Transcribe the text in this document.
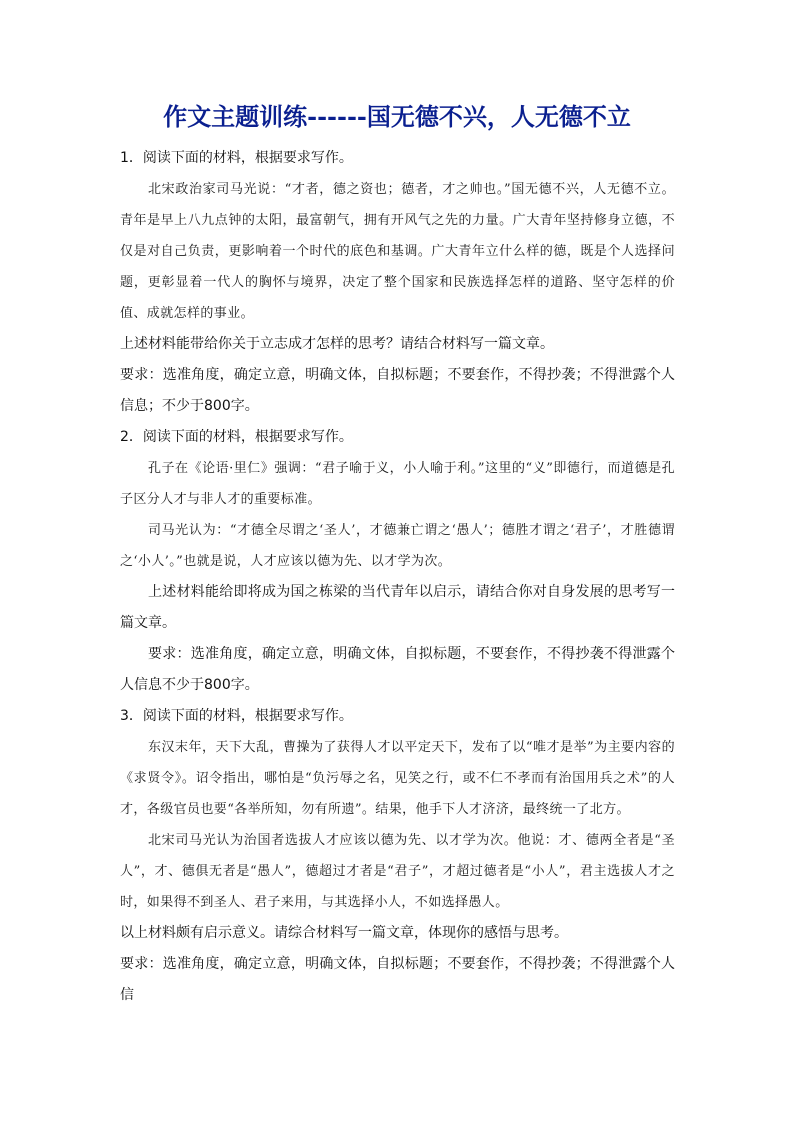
作文主题训练------国无德不兴，人无德不立

1．阅读下面的材料，根据要求写作。

北宋政治家司马光说：“才者，德之资也；德者，才之帅也。”国无德不兴，人无德不立。青年是早上八九点钟的太阳，最富朝气，拥有开风气之先的力量。广大青年坚持修身立德，不仅是对自己负责，更影响着一个时代的底色和基调。广大青年立什么样的德，既是个人选择问题，更彰显着一代人的胸怀与境界，决定了整个国家和民族选择怎样的道路、坚守怎样的价值、成就怎样的事业。

上述材料能带给你关于立志成才怎样的思考？请结合材料写一篇文章。

要求：选准角度，确定立意，明确文体，自拟标题；不要套作，不得抄袭；不得泄露个人信息；不少于800字。

2．阅读下面的材料，根据要求写作。

孔子在《论语·里仁》强调：“君子喻于义，小人喻于利。”这里的“义”即德行，而道德是孔子区分人才与非人才的重要标准。

司马光认为：“才德全尽谓之‘圣人’，才德兼亡谓之‘愚人’；德胜才谓之‘君子’，才胜德谓之‘小人’。”也就是说，人才应该以德为先、以才学为次。

上述材料能给即将成为国之栋梁的当代青年以启示，请结合你对自身发展的思考写一篇文章。

要求：选准角度，确定立意，明确文体，自拟标题，不要套作，不得抄袭不得泄露个人信息不少于800字。

3．阅读下面的材料，根据要求写作。

东汉末年，天下大乱，曹操为了获得人才以平定天下，发布了以“唯才是举”为主要内容的《求贤令》。诏令指出，哪怕是“负污辱之名，见笑之行，或不仁不孝而有治国用兵之术”的人才，各级官员也要“各举所知，勿有所遗”。结果，他手下人才济济，最终统一了北方。

北宋司马光认为治国者选拔人才应该以德为先、以才学为次。他说：才、德两全者是“圣人”，才、德俱无者是“愚人”，德超过才者是“君子”，才超过德者是“小人”，君主选拔人才之时，如果得不到圣人、君子来用，与其选择小人，不如选择愚人。

以上材料颇有启示意义。请综合材料写一篇文章，体现你的感悟与思考。

要求：选准角度，确定立意，明确文体，自拟标题；不要套作，不得抄袭；不得泄露个人信
